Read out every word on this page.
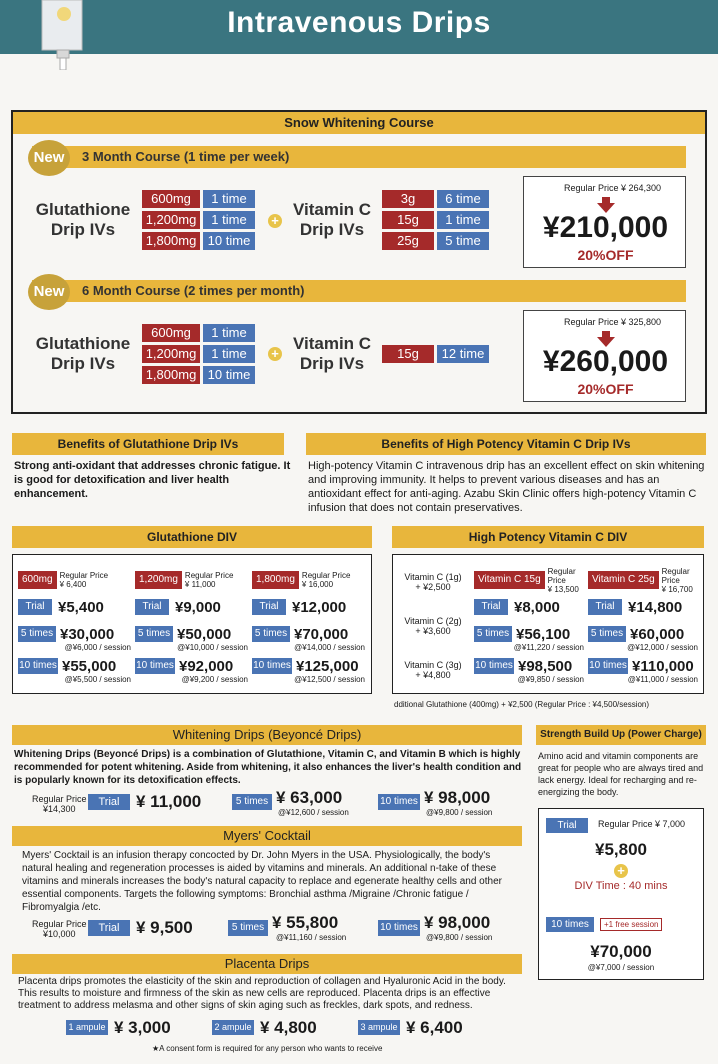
Intravenous Drips
Snow Whitening Course
3 Month Course (1 time per week)
New
Glutathione
Drip IVs
600mg	1 time
1,200mg	1 time
1,800mg 10 time
+
Vitamin C
Drip IVs
3g	6 time
15g	1 time
25g	5 time
Regular Price ¥ 264,300
¥210,000
20%OFF
6 Month Course (2 times per month)
New
Glutathione
Drip IVs
600mg	1 time
1,200mg	1 time
1,800mg 10 time
+
Vitamin C
Drip IVs
15g	12 time
Regular Price ¥ 325,800
¥260,000
20%OFF
Benefits of Glutathione Drip IVs
Strong anti-oxidant that addresses chronic fatigue. It is good for detoxification and liver health enhancement.
Benefits of High Potency Vitamin C Drip IVs
High-potency Vitamin C intravenous drip has an excellent effect on skin whitening and improving immunity. It helps to prevent various diseases and has an antioxidant effect for anti-aging. Azabu Skin Clinic offers high-potency Vitamin C infusion that does not contain preservatives.
Glutathione DIV
600mg Regular Price
¥ 6,400
Trial ¥5,400
5 times ¥30,000
@¥6,000 / session
10 times ¥55,000
@¥5,500 / session
1,200mg Regular Price
¥ 11,000
Trial ¥9,000
5 times ¥50,000
@¥10,000 / session
10 times ¥92,000
@¥9,200 / session
1,800mg Regular Price
¥ 16,000
Trial ¥12,000
5 times ¥70,000
@¥14,000 / session
10 times ¥125,000
@¥12,500 / session
High Potency Vitamin C DIV
Vitamin C (1g)
+ ¥2,500
Vitamin C (2g)
+ ¥3,600
Vitamin C (3g)
+ ¥4,800
Vitamin C 15g
Regular Price
¥ 13,500
Trial ¥8,000
5 times ¥56,100
@¥11,220 / session
10 times ¥98,500
@¥9,850 / session
Vitamin C 25g
Regular Price
¥ 16,700
Trial ¥14,800
5 times ¥60,000
@¥12,000 / session
10 times ¥110,000
@¥11,000 / session
dditional Glutathione (400mg) + ¥2,500 (Regular Price : ¥4,500/session)
Whitening Drips (Beyoncé Drips)
Whitening Drips (Beyoncé Drips) is a combination of Glutathione, Vitamin C, and Vitamin B which is highly recommended for potent whitening. Aside from whitening, it also enhances the liver's health condition and is popularly known for its detoxification effects.
Regular Price
¥14,300
Trial ¥ 11,000	5 times ¥ 63,000
@¥12,600 / session
10 times ¥ 98,000
@¥9,800 / session
Myers' Cocktail
Myers' Cocktail is an infusion therapy concocted by Dr. John Myers in the USA. Physiologically, the body's natural healing and regeneration processes is aided by vitamins and minerals. An additional n-take of these vitamins and minerals increases the body's natural capacity to replace and egenerate healthy cells and other essential components. Targets the following symptoms: Bronchial asthma /Migraine /Chronic fatigue / Fibromyalgia /etc.
Regular Price
¥10,000	Trial ¥ 9,500	5 times ¥ 55,800
@¥11,160 / session
10 times ¥ 98,000
@¥9,800 / session
Placenta Drips
Placenta drips promotes the elasticity of the skin and reproduction of collagen and Hyaluronic Acid in the body. This results to moisture and firmness of the skin as new cells are reproduced. Placenta drips is an effective treatment to address melasma and other signs of skin aging such as freckles, dark spots, and redness.
1 ampule ¥ 3,000	2 ampule ¥ 4,800	3 ampule ¥ 6,400
★A consent form is required for any person who wants to receive
Strength Build Up (Power Charge)
Amino acid and vitamin components are great for people who are always tired and lack energy. Ideal for recharging and re-energizing the body.
Trial	Regular Price ¥ 7,000
¥5,800
+
DIV Time : 40 mins
10 times	+1 free session
¥70,000
@¥7,000 / session
